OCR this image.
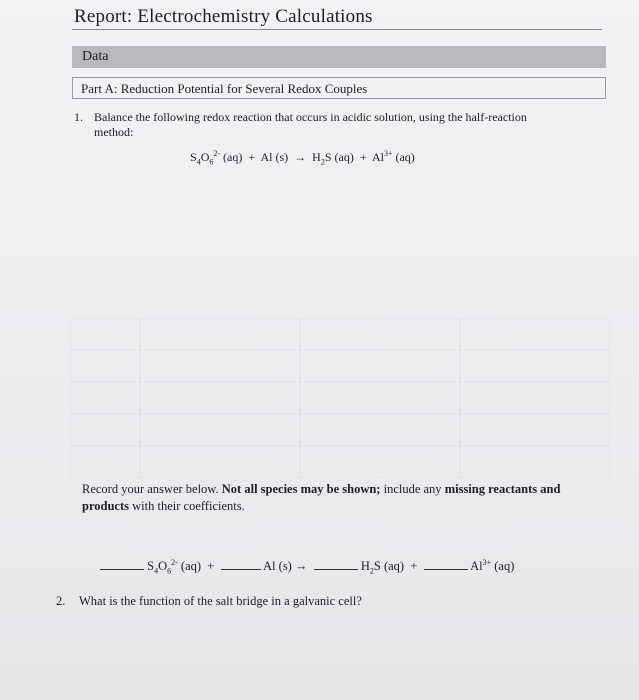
Report: Electrochemistry Calculations
Data
Part A: Reduction Potential for Several Redox Couples
1. Balance the following redox reaction that occurs in acidic solution, using the half-reaction method:
$S_4O_6^{2-}$ (aq) + Al $(s) \to H_2S$ $(aq) + Al^{3+}$ (aq)
Record your answer below. Not all species may be shown; include any missing reactants and products with their coefficients.
$S_4O_6^{2-}$ (aq) +	Al (s) →	$H_2S$ (aq) +	$Al^{3+}$ (aq)
2. What is the function of the salt bridge in a galvanic cell?
